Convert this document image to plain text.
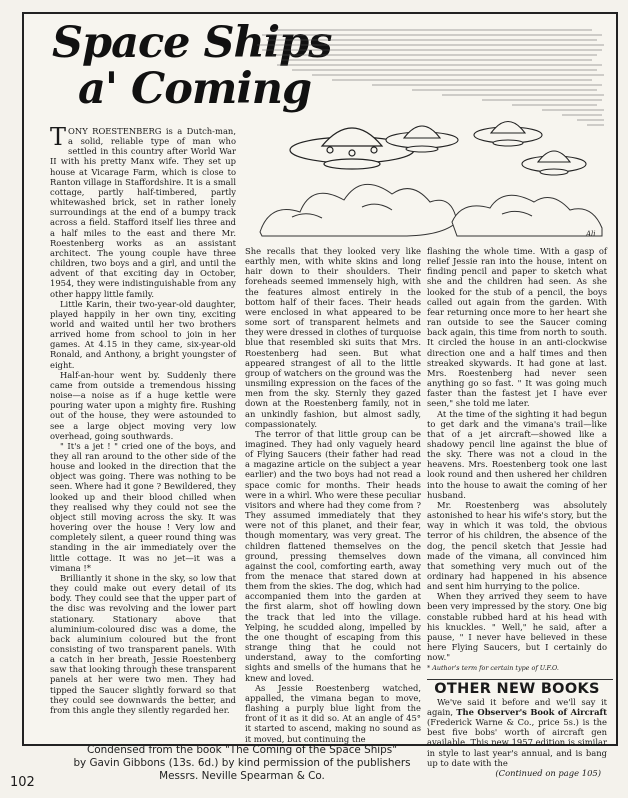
Space Ships
a' Coming
Ali

TONY ROESTENBERG is a Dutch-man, a solid, reliable type of man who settled in this country after World War II with his pretty Manx wife. They set up house at Vicarage Farm, which is close to Ranton village in Staffordshire. It is a small cottage, partly half-timbered, partly whitewashed brick, set in rather lonely surroundings at the end of a bumpy track across a field. Stafford itself lies three and a half miles to the east and there Mr. Roestenberg works as an assistant architect. The young couple have three children, two boys and a girl, and until the advent of that exciting day in October, 1954, they were indistinguishable from any other happy little family.

Little Karin, their two-year-old daughter, played happily in her own tiny, exciting world and waited until her two brothers arrived home from school to join in her games. At 4.15 in they came, six-year-old Ronald, and Anthony, a bright youngster of eight.

Half-an-hour went by. Suddenly there came from outside a tremendous hissing noise—a noise as if a huge kettle were pouring water upon a mighty fire. Rushing out of the house, they were astounded to see a large object moving very low overhead, going southwards.

" It's a jet ! " cried one of the boys, and they all ran around to the other side of the house and looked in the direction that the object was going. There was nothing to be seen. Where had it gone ? Bewildered, they looked up and their blood chilled when they realised why they could not see the object still moving across the sky. It was hovering over the house ! Very low and completely silent, a queer round thing was standing in the air immediately over the little cottage. It was no jet—it was a vimana !*

Brilliantly it shone in the sky, so low that they could make out every detail of its body. They could see that the upper part of the disc was revolving and the lower part stationary. Stationary above that aluminium-coloured disc was a dome, the back aluminium coloured but the front consisting of two transparent panels. With a catch in her breath, Jessie Roestenberg saw that looking through these transparent panels at her were two men. They had tipped the Saucer slightly forward so that they could see downwards the better, and from this angle they silently regarded her.

She recalls that they looked very like earthly men, with white skins and long hair down to their shoulders. Their foreheads seemed immensely high, with the features almost entirely in the bottom half of their faces. Their heads were enclosed in what appeared to be some sort of transparent helmets and they were dressed in clothes of turquoise blue that resembled ski suits that Mrs. Roestenberg had seen. But what appeared strangest of all to the little group of watchers on the ground was the unsmiling expression on the faces of the men from the sky. Sternly they gazed down at the Roestenberg family, not in an unkindly fashion, but almost sadly, compassionately.

The terror of that little group can be imagined. They had only vaguely heard of Flying Saucers (their father had read a magazine article on the subject a year earlier) and the two boys had not read a space comic for months. Their heads were in a whirl. Who were these peculiar visitors and where had they come from ? They assumed immediately that they were not of this planet, and their fear, though momentary, was very great. The children flattened themselves on the ground, pressing themselves down against the cool, comforting earth, away from the menace that stared down at them from the skies. The dog, which had accompanied them into the garden at the first alarm, shot off howling down the track that led into the village. Yelping, he scudded along, impelled by the one thought of escaping from this strange thing that he could not understand, away to the comforting sights and smells of the humans that he knew and loved.

As Jessie Roestenberg watched, appalled, the vimana began to move, flashing a purply blue light from the front of it as it did so. At an angle of 45° it started to ascend, making no sound as it moved, but continuing the

flashing the whole time. With a gasp of relief Jessie ran into the house, intent on finding pencil and paper to sketch what she and the children had seen. As she looked for the stub of a pencil, the boys called out again from the garden. With fear returning once more to her heart she ran outside to see the Saucer coming back again, this time from north to south. It circled the house in an anti-clockwise direction one and a half times and then streaked skywards. It had gone at last. Mrs. Roestenberg had never seen anything go so fast. " It was going much faster than the fastest jet I have ever seen," she told me later.

At the time of the sighting it had begun to get dark and the vimana's trail—like that of a jet aircraft—showed like a shadowy pencil line against the blue of the sky. There was not a cloud in the heavens. Mrs. Roestenberg took one last look round and then ushered her children into the house to await the coming of her husband.

Mr. Roestenberg was absolutely astonished to hear his wife's story, but the way in which it was told, the obvious terror of his children, the absence of the dog, the pencil sketch that Jessie had made of the vimana, all convinced him that something very much out of the ordinary had happened in his absence and sent him hurrying to the police.

When they arrived they seem to have been very impressed by the story. One big constable rubbed hard at his head with his knuckles. " Well," he said, after a pause, " I never have believed in these here Flying Saucers, but I certainly do now."

* Author's term for certain type of U.F.O.
OTHER NEW BOOKS

We've said it before and we'll say it again, The Observer's Book of Aircraft (Frederick Warne & Co., price 5s.) is the best five bobs' worth of aircraft gen available. This new 1957 edition is similar in style to last year's annual, and is bang up to date with the

(Continued on page 105)
Condensed from the book "The Coming of the Space Ships"
by Gavin Gibbons (13s. 6d.) by kind permission of the publishers
Messrs. Neville Spearman & Co.
102
